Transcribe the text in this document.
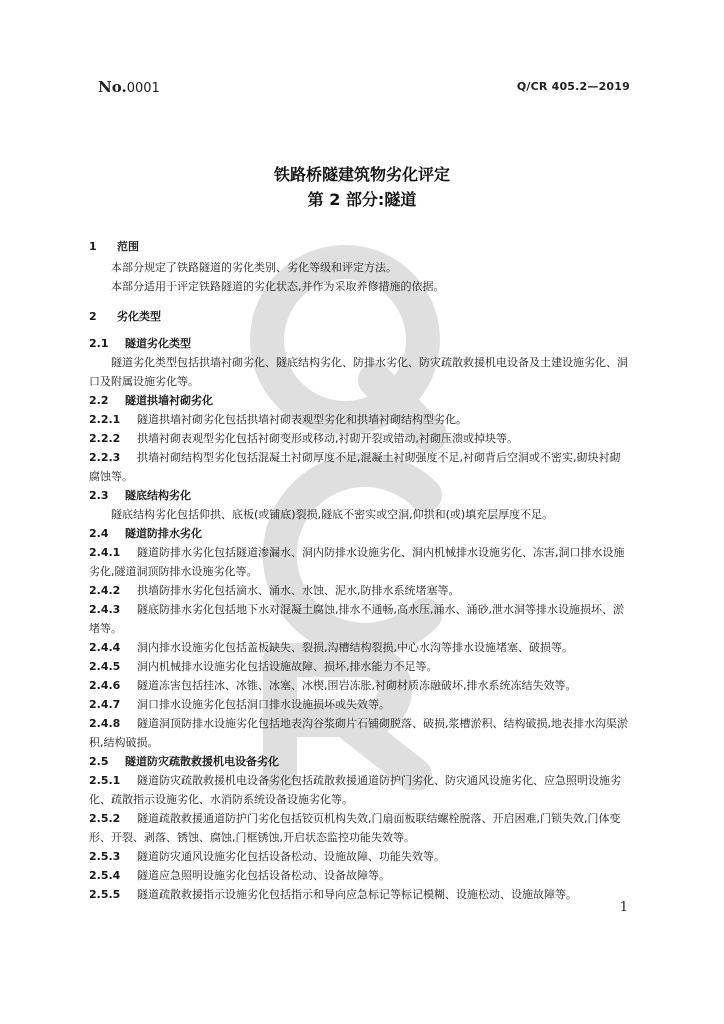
No.0001	Q/CR 405.2—2019
铁路桥隧建筑物劣化评定
第 2 部分:隧道
1 范围
本部分规定了铁路隧道的劣化类别、劣化等级和评定方法。
本部分适用于评定铁路隧道的劣化状态,并作为采取养修措施的依据。
2 劣化类型
2.1 隧道劣化类型
隧道劣化类型包括拱墙衬砌劣化、隧底结构劣化、防排水劣化、防灾疏散救援机电设备及土建设施劣化、洞口及附属设施劣化等。
2.2 隧道拱墙衬砌劣化
2.2.1 隧道拱墙衬砌劣化包括拱墙衬砌表观型劣化和拱墙衬砌结构型劣化。
2.2.2 拱墙衬砌表观型劣化包括衬砌变形或移动,衬砌开裂或错动,衬砌压溃或掉块等。
2.2.3 拱墙衬砌结构型劣化包括混凝土衬砌厚度不足,混凝土衬砌强度不足,衬砌背后空洞或不密实,砌块衬砌腐蚀等。
2.3 隧底结构劣化
隧底结构劣化包括仰拱、底板(或铺底)裂损,隧底不密实或空洞,仰拱和(或)填充层厚度不足。
2.4 隧道防排水劣化
2.4.1 隧道防排水劣化包括隧道渗漏水、洞内防排水设施劣化、洞内机械排水设施劣化、冻害,洞口排水设施劣化,隧道洞顶防排水设施劣化等。
2.4.2 拱墙防排水劣化包括滴水、涌水、水蚀、泥水,防排水系统堵塞等。
2.4.3 隧底防排水劣化包括地下水对混凝土腐蚀,排水不通畅,高水压,涌水、涌砂,泄水洞等排水设施损坏、淤堵等。
2.4.4 洞内排水设施劣化包括盖板缺失、裂损,沟槽结构裂损,中心水沟等排水设施堵塞、破损等。
2.4.5 洞内机械排水设施劣化包括设施故障、损坏,排水能力不足等。
2.4.6 隧道冻害包括挂冰、冰锥、冰塞、冰楔,围岩冻胀,衬砌材质冻融破坏,排水系统冻结失效等。
2.4.7 洞口排水设施劣化包括洞口排水设施损坏或失效等。
2.4.8 隧道洞顶防排水设施劣化包括地表沟谷浆砌片石铺砌脱落、破损,浆槽淤积、结构破损,地表排水沟渠淤积,结构破损。
2.5 隧道防灾疏散救援机电设备劣化
2.5.1 隧道防灾疏散救援机电设备劣化包括疏散救援通道防护门劣化、防灾通风设施劣化、应急照明设施劣化、疏散指示设施劣化、水消防系统设备设施劣化等。
2.5.2 隧道疏散救援通道防护门劣化包括铰页机构失效,门扇面板联结螺栓脱落、开启困难,门锁失效,门体变形、开裂、剥落、锈蚀、腐蚀,门框锈蚀,开启状态监控功能失效等。
2.5.3 隧道防灾通风设施劣化包括设备松动、设施故障、功能失效等。
2.5.4 隧道应急照明设施劣化包括设备松动、设备故障等。
2.5.5 隧道疏散救援指示设施劣化包括指示和导向应急标记等标记模糊、设施松动、设施故障等。
1
